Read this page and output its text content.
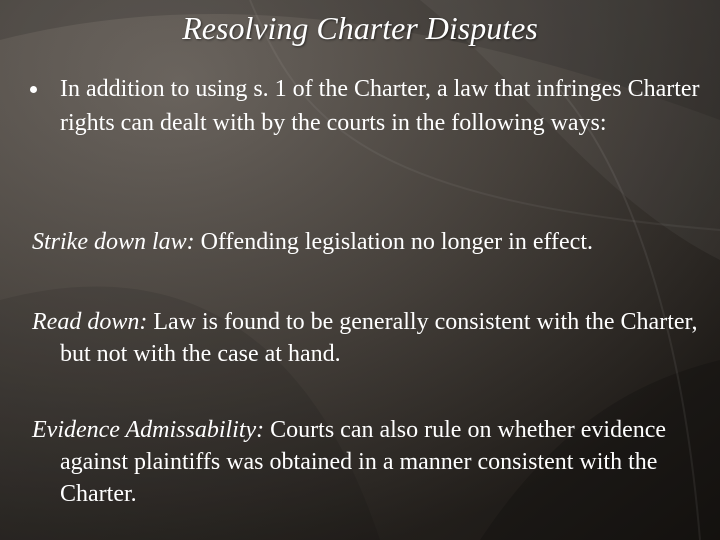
Resolving Charter Disputes
In addition to using s. 1 of the Charter, a law that infringes Charter rights can dealt with by the courts in the following ways:
Strike down law: Offending legislation no longer in effect.
Read down: Law is found to be generally consistent with the Charter, but not with the case at hand.
Evidence Admissability: Courts can also rule on whether evidence against plaintiffs was obtained in a manner consistent with the Charter.
